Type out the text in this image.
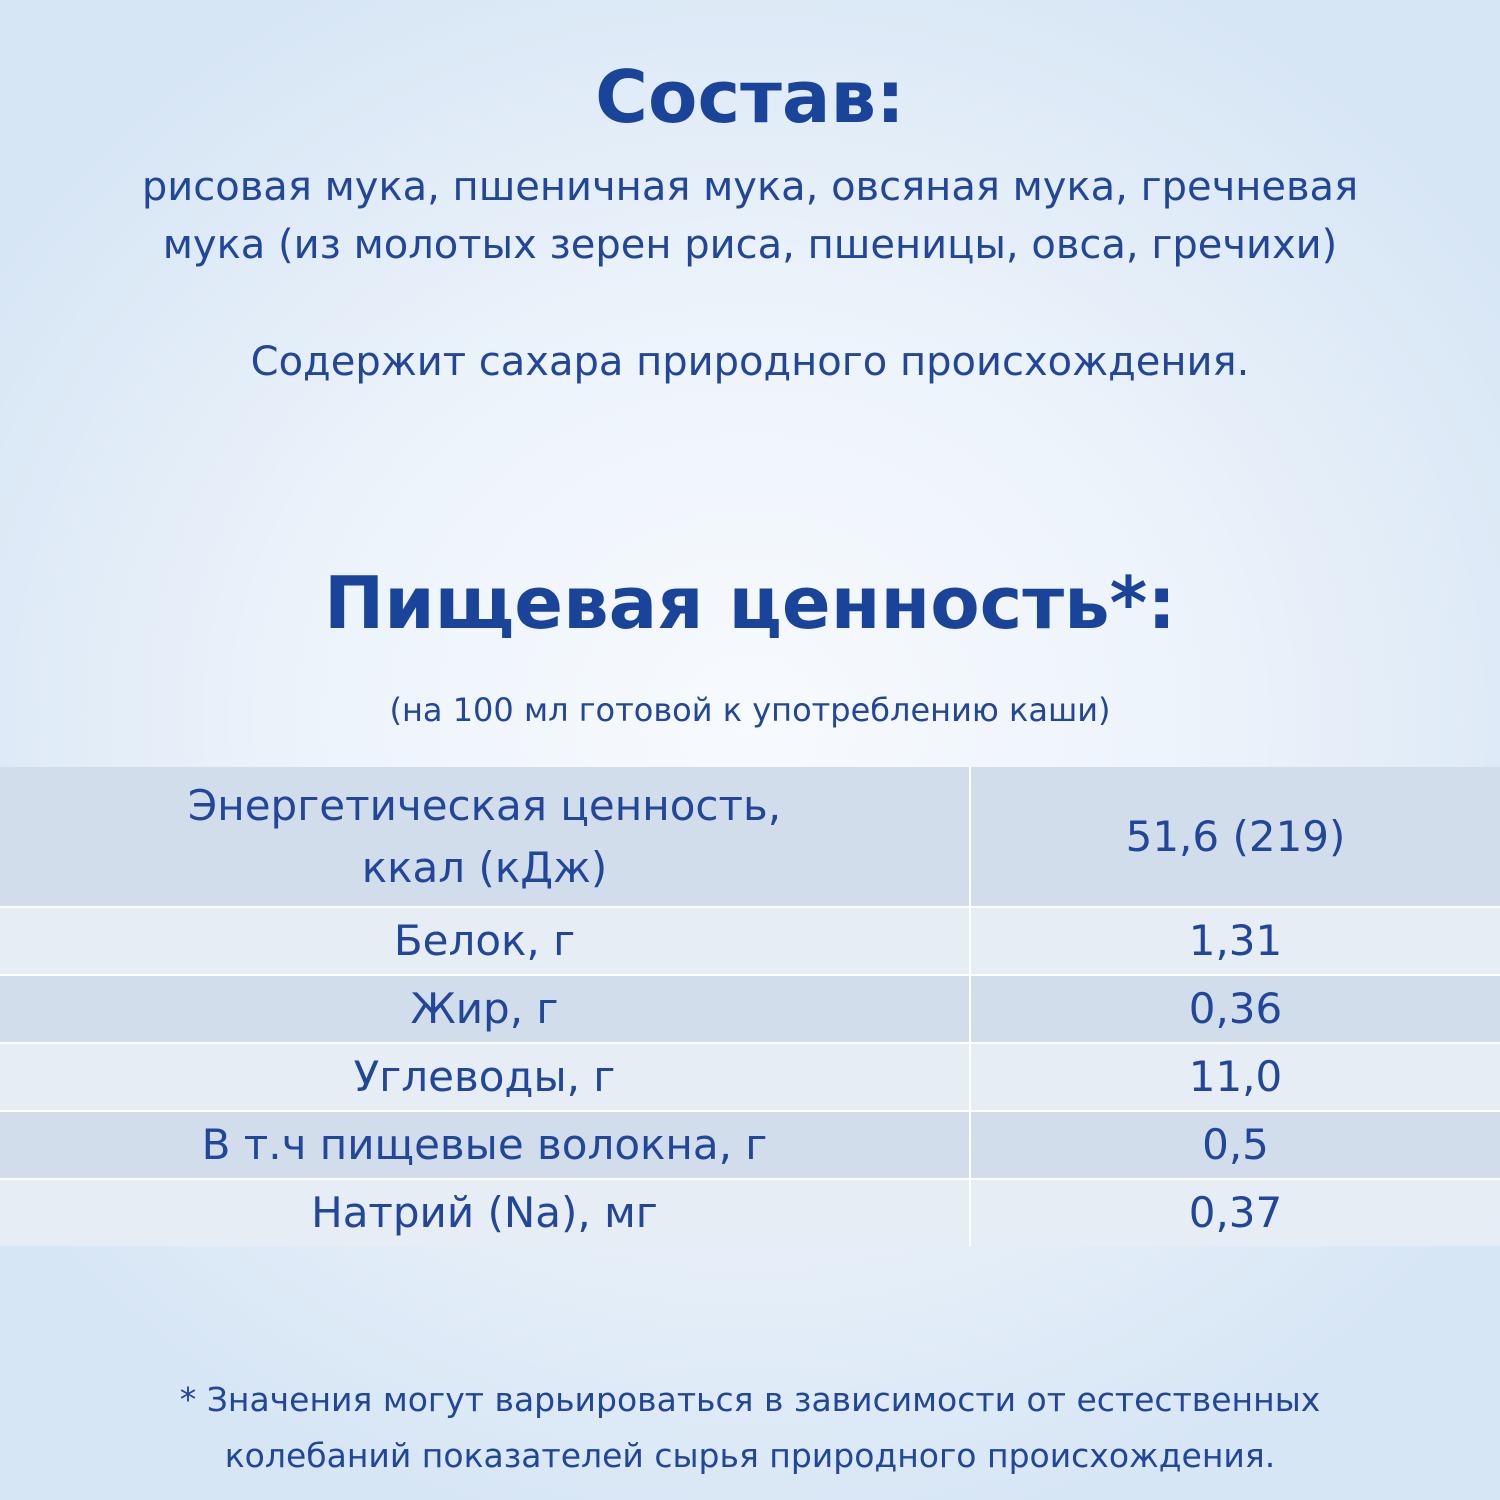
Состав:

рисовая мука, пшеничная мука, овсяная мука, гречневая
мука (из молотых зерен риса, пшеницы, овса, гречихи)

Содержит сахара природного происхождения.

Пищевая ценность*:

(на 100 мл готовой к употреблению каши)

Энергетическая ценность,
ккал (кДж)	51,6 (219)
Белок, г	1,31
Жир, г	0,36
Углеводы, г	11,0
В т.ч пищевые волокна, г	0,5
Натрий (Na), мг	0,37

* Значения могут варьироваться в зависимости от естественных
колебаний показателей сырья природного происхождения.
